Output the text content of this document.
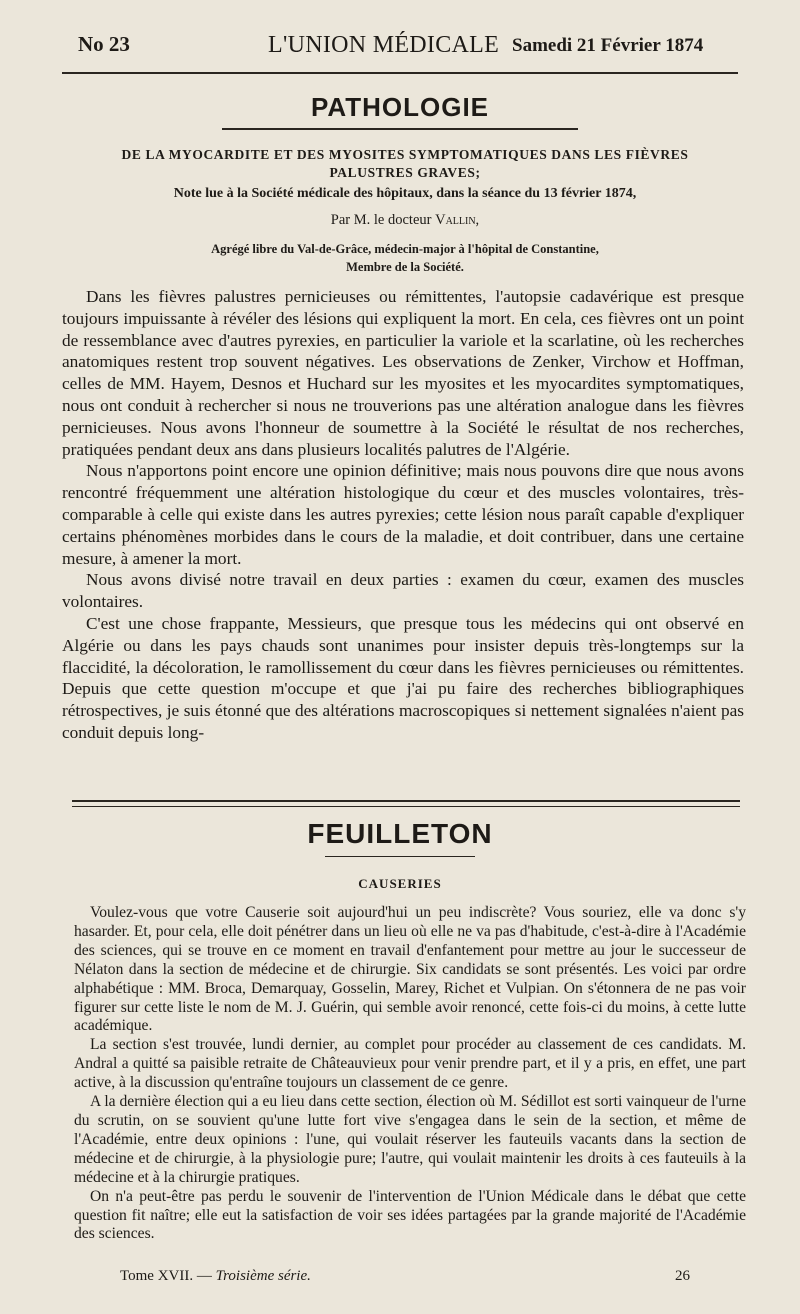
No 23	L'UNION MÉDICALE Samedi 21 Février 1874
PATHOLOGIE
DE LA MYOCARDITE ET DES MYOSITES SYMPTOMATIQUES DANS LES FIÈVRES PALUSTRES GRAVES;
Note lue à la Société médicale des hôpitaux, dans la séance du 13 février 1874,
Par M. le docteur Vallin,
Agrégé libre du Val-de-Grâce, médecin-major à l'hôpital de Constantine,
Membre de la Société.

Dans les fièvres palustres pernicieuses ou rémittentes, l'autopsie cadavérique est presque toujours impuissante à révéler des lésions qui expliquent la mort. En cela, ces fièvres ont un point de ressemblance avec d'autres pyrexies, en particulier la variole et la scarlatine, où les recherches anatomiques restent trop souvent négatives. Les observations de Zenker, Virchow et Hoffman, celles de MM. Hayem, Desnos et Huchard sur les myosites et les myocardites symptomatiques, nous ont conduit à rechercher si nous ne trouverions pas une altération analogue dans les fièvres pernicieuses. Nous avons l'honneur de soumettre à la Société le résultat de nos recherches, pratiquées pendant deux ans dans plusieurs localités palutres de l'Algérie.

Nous n'apportons point encore une opinion définitive; mais nous pouvons dire que nous avons rencontré fréquemment une altération histologique du cœur et des muscles volontaires, très-comparable à celle qui existe dans les autres pyrexies; cette lésion nous paraît capable d'expliquer certains phénomènes morbides dans le cours de la maladie, et doit contribuer, dans une certaine mesure, à amener la mort.

Nous avons divisé notre travail en deux parties : examen du cœur, examen des muscles volontaires.

C'est une chose frappante, Messieurs, que presque tous les médecins qui ont observé en Algérie ou dans les pays chauds sont unanimes pour insister depuis très-longtemps sur la flaccidité, la décoloration, le ramollissement du cœur dans les fièvres pernicieuses ou rémittentes. Depuis que cette question m'occupe et que j'ai pu faire des recherches bibliographiques rétrospectives, je suis étonné que des altérations macroscopiques si nettement signalées n'aient pas conduit depuis long-

FEUILLETON
CAUSERIES

Voulez-vous que votre Causerie soit aujourd'hui un peu indiscrète? Vous souriez, elle va donc s'y hasarder. Et, pour cela, elle doit pénétrer dans un lieu où elle ne va pas d'habitude, c'est-à-dire à l'Académie des sciences, qui se trouve en ce moment en travail d'enfantement pour mettre au jour le successeur de Nélaton dans la section de médecine et de chirurgie. Six candidats se sont présentés. Les voici par ordre alphabétique : MM. Broca, Demarquay, Gosselin, Marey, Richet et Vulpian. On s'étonnera de ne pas voir figurer sur cette liste le nom de M. J. Guérin, qui semble avoir renoncé, cette fois-ci du moins, à cette lutte académique.

La section s'est trouvée, lundi dernier, au complet pour procéder au classement de ces candidats. M. Andral a quitté sa paisible retraite de Châteauvieux pour venir prendre part, et il y a pris, en effet, une part active, à la discussion qu'entraîne toujours un classement de ce genre.

A la dernière élection qui a eu lieu dans cette section, élection où M. Sédillot est sorti vainqueur de l'urne du scrutin, on se souvient qu'une lutte fort vive s'engagea dans le sein de la section, et même de l'Académie, entre deux opinions : l'une, qui voulait réserver les fauteuils vacants dans la section de médecine et de chirurgie, à la physiologie pure; l'autre, qui voulait maintenir les droits à ces fauteuils à la médecine et à la chirurgie pratiques.

On n'a peut-être pas perdu le souvenir de l'intervention de l'Union Médicale dans le débat que cette question fit naître; elle eut la satisfaction de voir ses idées partagées par la grande majorité de l'Académie des sciences.

Tome XVII. — Troisième série.	26
